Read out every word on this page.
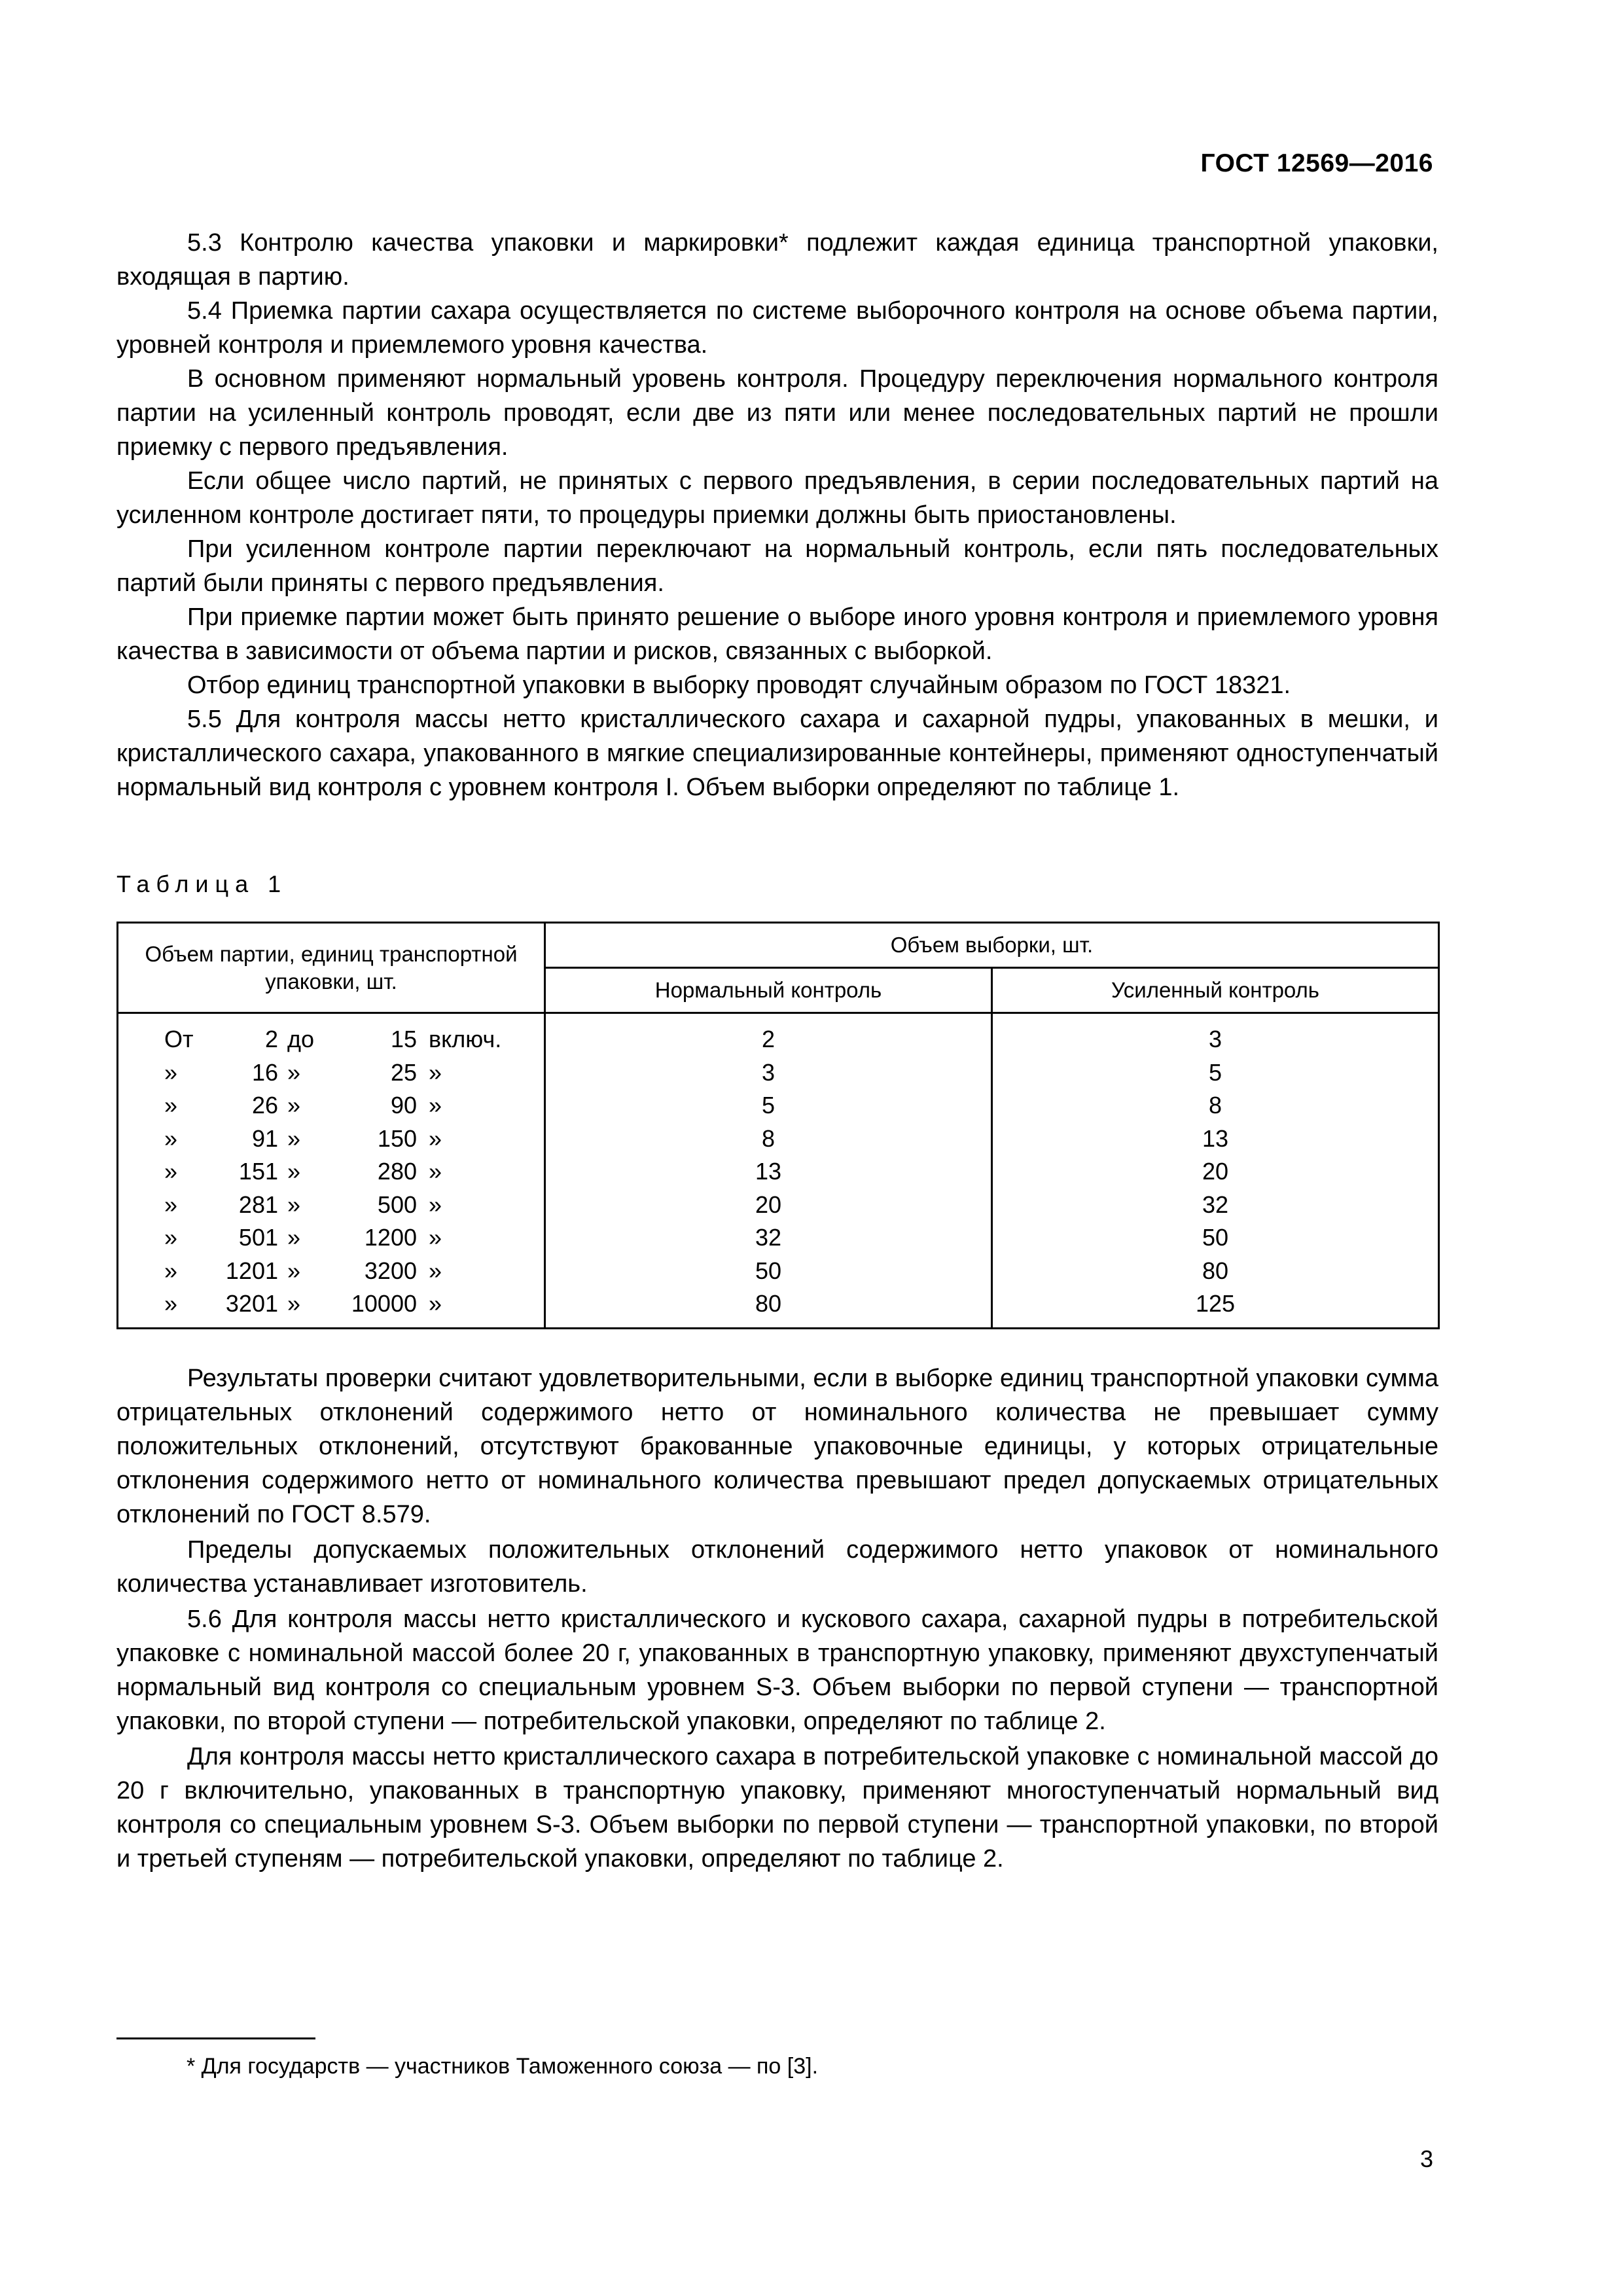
ГОСТ 12569—2016

5.3 Контролю качества упаковки и маркировки* подлежит каждая единица транспортной упаковки, входящая в партию.

5.4 Приемка партии сахара осуществляется по системе выборочного контроля на основе объема партии, уровней контроля и приемлемого уровня качества.

В основном применяют нормальный уровень контроля. Процедуру переключения нормального контроля партии на усиленный контроль проводят, если две из пяти или менее последовательных партий не прошли приемку с первого предъявления.

Если общее число партий, не принятых с первого предъявления, в серии последовательных партий на усиленном контроле достигает пяти, то процедуры приемки должны быть приостановлены.

При усиленном контроле партии переключают на нормальный контроль, если пять последовательных партий были приняты с первого предъявления.

При приемке партии может быть принято решение о выборе иного уровня контроля и приемлемого уровня качества в зависимости от объема партии и рисков, связанных с выборкой.

Отбор единиц транспортной упаковки в выборку проводят случайным образом по ГОСТ 18321.

5.5 Для контроля массы нетто кристаллического сахара и сахарной пудры, упакованных в мешки, и кристаллического сахара, упакованного в мягкие специализированные контейнеры, применяют одноступенчатый нормальный вид контроля с уровнем контроля I. Объем выборки определяют по таблице 1.

Таблица 1
Объем партии, единиц транспортной упаковки, шт.	Объем выборки, шт.	
	Нормальный контроль	Усиленный контроль

От 2 до 15 включ.	2	3

» 16 » 25 »	3	5

» 26 » 90 »	5	8

» 91 » 150 »	8	13

» 151 » 280 »	13	20

» 281 » 500 »	20	32

» 501 » 1200 »	32	50

» 1201 » 3200 »	50	80

» 3201 » 10000 »	80	125

Результаты проверки считают удовлетворительными, если в выборке единиц транспортной упаковки сумма отрицательных отклонений содержимого нетто от номинального количества не превышает сумму положительных отклонений, отсутствуют бракованные упаковочные единицы, у которых отрицательные отклонения содержимого нетто от номинального количества превышают предел допускаемых отрицательных отклонений по ГОСТ 8.579.

Пределы допускаемых положительных отклонений содержимого нетто упаковок от номинального количества устанавливает изготовитель.

5.6 Для контроля массы нетто кристаллического и кускового сахара, сахарной пудры в потребительской упаковке с номинальной массой более 20 г, упакованных в транспортную упаковку, применяют двухступенчатый нормальный вид контроля со специальным уровнем S-3. Объем выборки по первой ступени — транспортной упаковки, по второй ступени — потребительской упаковки, определяют по таблице 2.

Для контроля массы нетто кристаллического сахара в потребительской упаковке с номинальной массой до 20 г включительно, упакованных в транспортную упаковку, применяют многоступенчатый нормальный вид контроля со специальным уровнем S-3. Объем выборки по первой ступени — транспортной упаковки, по второй и третьей ступеням — потребительской упаковки, определяют по таблице 2.

* Для государств — участников Таможенного союза — по [3].
3
